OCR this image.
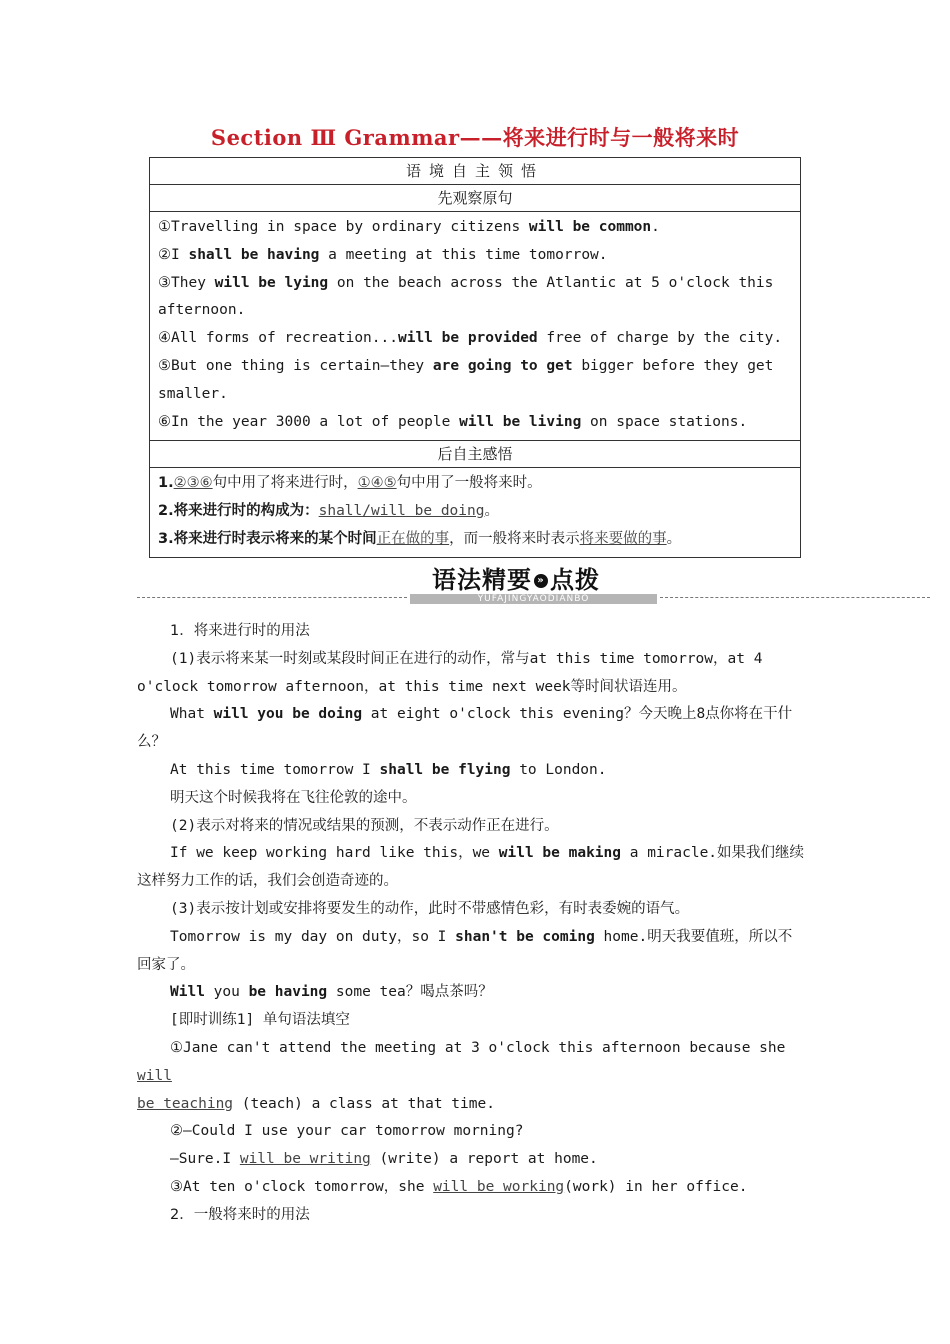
Section Ⅲ Grammar——将来进行时与一般将来时
语境自主领悟
先观察原句

①Travelling in space by ordinary citizens will be common.

②I shall be having a meeting at this time tomorrow.

③They will be lying on the beach across the Atlantic at 5 o'clock this afternoon.

④All forms of recreation...will be provided free of charge by the city.

⑤But one thing is certain—they are going to get bigger before they get smaller.

⑥In the year 3000 a lot of people will be living on space stations.

后自主感悟

1.②③⑥句中用了将来进行时，①④⑤句中用了一般将来时。

2.将来进行时的构成为：shall/will be doing。

3.将来进行时表示将来的某个时间正在做的事，而一般将来时表示将来要做的事。

语法精要 » 点拨
YUFAJINGYAODIANBO

1．将来进行时的用法

(1)表示将来某一时刻或某段时间正在进行的动作，常与at this time tomorrow，at 4

o'clock tomorrow afternoon，at this time next week等时间状语连用。

What will you be doing at eight o'clock this evening？今天晚上8点你将在干什

么？

At this time tomorrow I shall be flying to London.

明天这个时候我将在飞往伦敦的途中。

(2)表示对将来的情况或结果的预测，不表示动作正在进行。

If we keep working hard like this，we will be making a miracle.如果我们继续

这样努力工作的话，我们会创造奇迹的。

(3)表示按计划或安排将要发生的动作，此时不带感情色彩，有时表委婉的语气。

Tomorrow is my day on duty，so I shan't be coming home.明天我要值班，所以不

回家了。

Will you be having some tea？喝点茶吗？

[即时训练1] 单句语法填空

①Jane can't attend the meeting at 3 o'clock this afternoon because she will

be teaching (teach) a class at that time.

②—Could I use your car tomorrow morning?

—Sure.I will be writing (write) a report at home.

③At ten o'clock tomorrow，she will be working(work) in her office.

2．一般将来时的用法
